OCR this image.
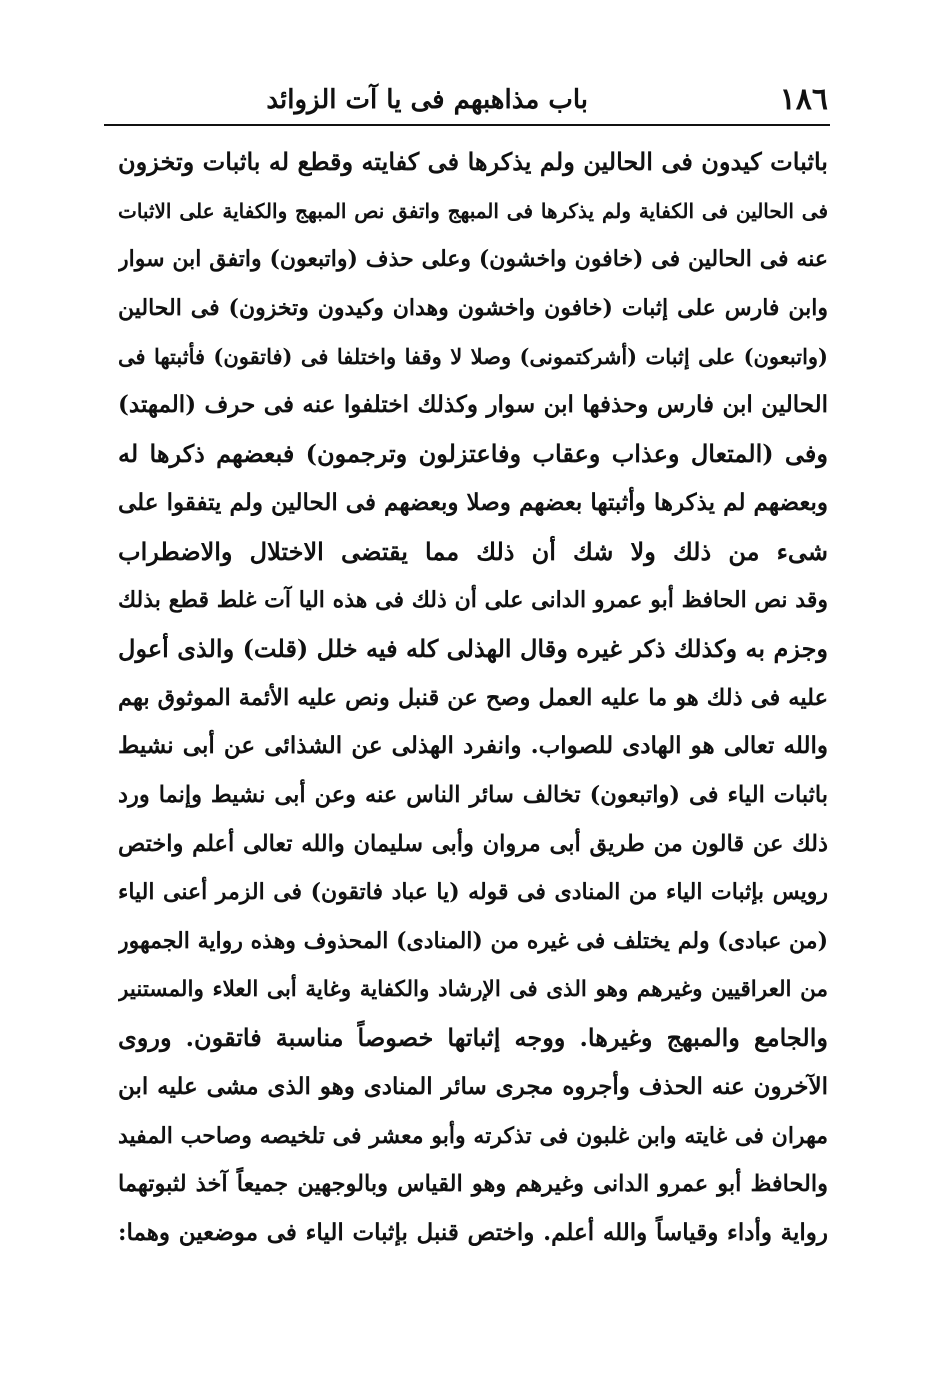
١٨٦
باب مذاهبهم فى يا آت الزوائد
باثبات كيدون فى الحالين ولم يذكرها فى كفايته وقطع له باثبات وتخزون
فى الحالين فى الكفاية ولم يذكرها فى المبهج واتفق نص المبهج والكفاية على الاثبات
عنه فى الحالين فى (خافون واخشون) وعلى حذف (واتبعون) واتفق ابن سوار
وابن فارس على إثبات (خافون واخشون وهدان وكيدون وتخزون) فى الحالين
(واتبعون) على إثبات (أشركتمونى) وصلا لا وقفا واختلفا فى (فاتقون) فأثبتها فى
الحالين ابن فارس وحذفها ابن سوار وكذلك اختلفوا عنه فى حرف (المهتد)
وفى (المتعال وعذاب وعقاب وفاعتزلون وترجمون) فبعضهم ذكرها له
وبعضهم لم يذكرها وأثبتها بعضهم وصلا وبعضهم فى الحالين ولم يتفقوا على
شىء من ذلك ولا شك أن ذلك مما يقتضى الاختلال والاضطراب
وقد نص الحافظ أبو عمرو الدانى على أن ذلك فى هذه اليا آت غلط قطع بذلك
وجزم به وكذلك ذكر غيره وقال الهذلى كله فيه خلل (قلت) والذى أعول
عليه فى ذلك هو ما عليه العمل وصح عن قنبل ونص عليه الأئمة الموثوق بهم
والله تعالى هو الهادى للصواب. وانفرد الهذلى عن الشذائى عن أبى نشيط
باثبات الياء فى (واتبعون) تخالف سائر الناس عنه وعن أبى نشيط وإنما ورد
ذلك عن قالون من طريق أبى مروان وأبى سليمان والله تعالى أعلم واختص
رويس بإثبات الياء من المنادى فى قوله (يا عباد فاتقون) فى الزمر أعنى الياء
(من عبادى) ولم يختلف فى غيره من (المنادى) المحذوف وهذه رواية الجمهور
من العراقيين وغيرهم وهو الذى فى الإرشاد والكفاية وغاية أبى العلاء والمستنير
والجامع والمبهج وغيرها. ووجه إثباتها خصوصاً مناسبة فاتقون. وروى
الآخرون عنه الحذف وأجروه مجرى سائر المنادى وهو الذى مشى عليه ابن
مهران فى غايته وابن غلبون فى تذكرته وأبو معشر فى تلخيصه وصاحب المفيد
والحافظ أبو عمرو الدانى وغيرهم وهو القياس وبالوجهين جميعاً آخذ لثبوتهما
رواية وأداء وقياساً والله أعلم. واختص قنبل بإثبات الياء فى موضعين وهما:
